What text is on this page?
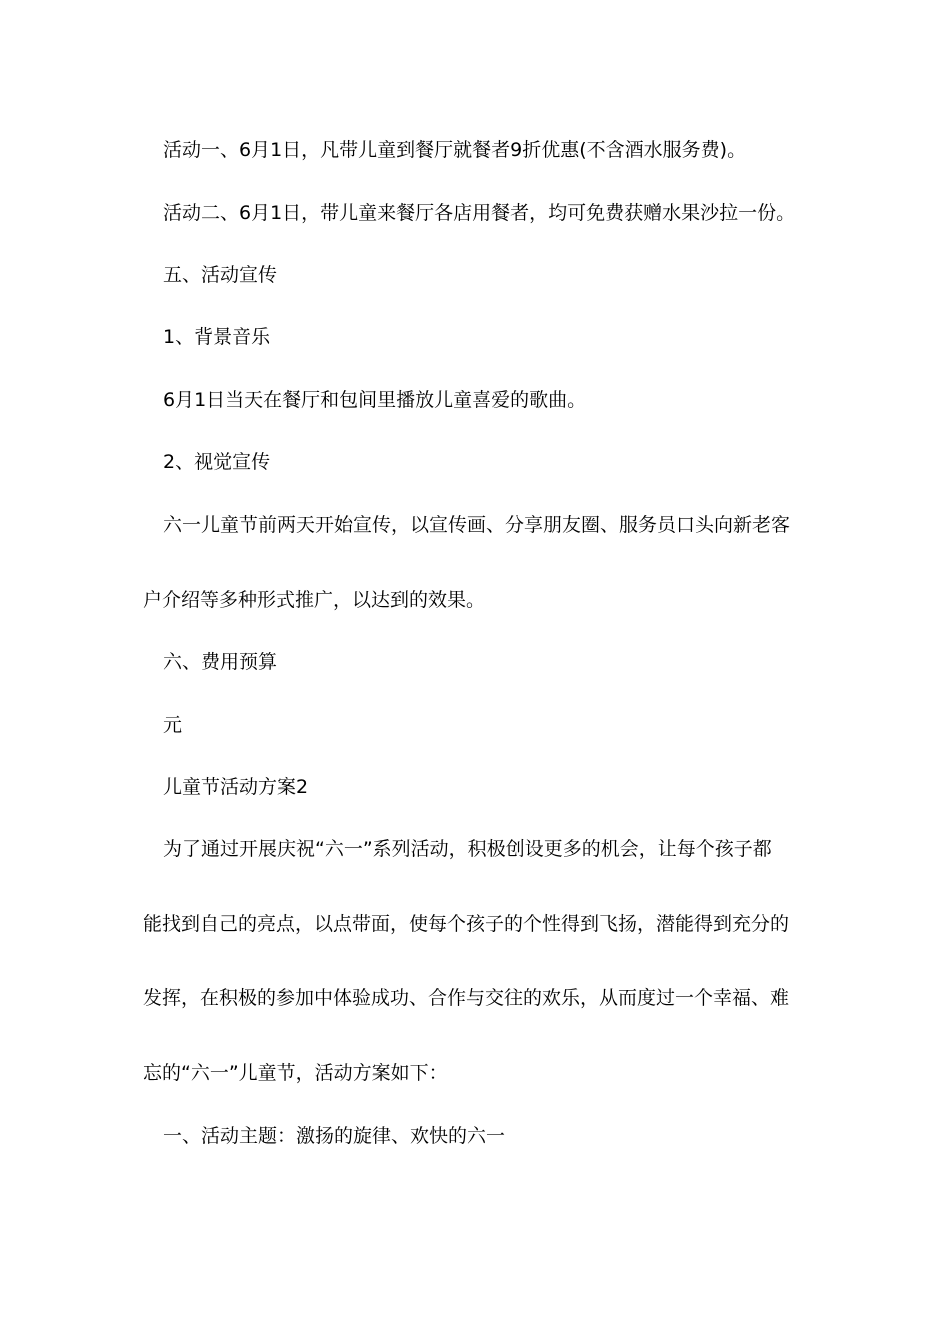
活动一、6月1日，凡带儿童到餐厅就餐者9折优惠(不含酒水服务费)。
活动二、6月1日，带儿童来餐厅各店用餐者，均可免费获赠水果沙拉一份。
五、活动宣传
1、背景音乐
6月1日当天在餐厅和包间里播放儿童喜爱的歌曲。
2、视觉宣传
六一儿童节前两天开始宣传，以宣传画、分享朋友圈、服务员口头向新老客
户介绍等多种形式推广，以达到的效果。
六、费用预算
元
儿童节活动方案2
为了通过开展庆祝“六一”系列活动，积极创设更多的机会，让每个孩子都
能找到自己的亮点，以点带面，使每个孩子的个性得到飞扬，潜能得到充分的
发挥，在积极的参加中体验成功、合作与交往的欢乐，从而度过一个幸福、难
忘的“六一”儿童节，活动方案如下：
一、活动主题：激扬的旋律、欢快的六一
